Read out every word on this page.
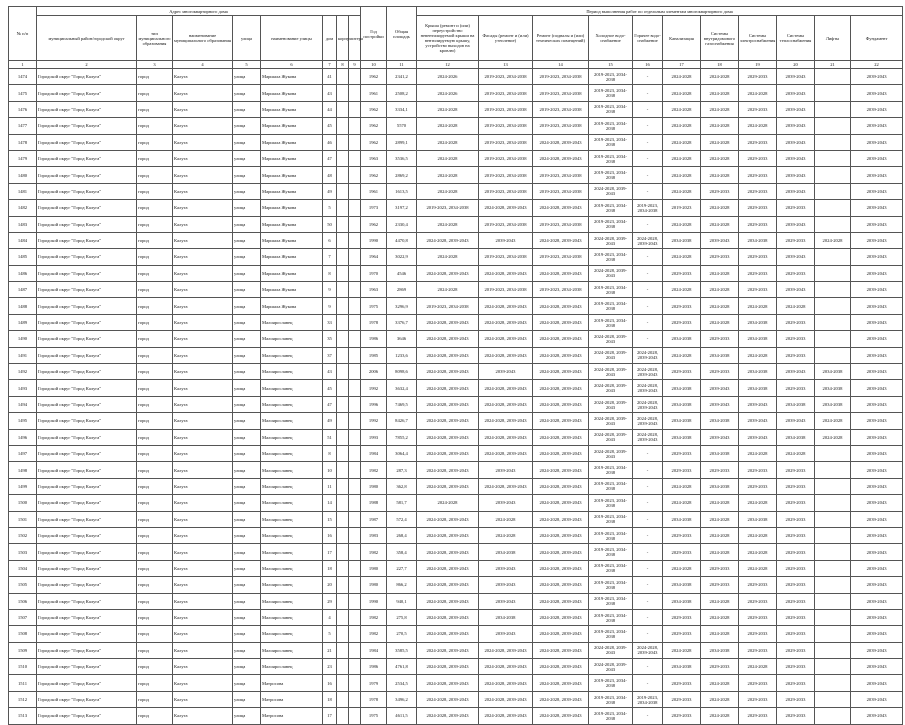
№ п/п	Адрес многоквартирного дома								Год постройки	Общая площадь	Период выполнения работ по отдельным элементам многоквартирного дома										
	муниципальный район/городской округ	тип муниципального образования	наименование муниципального образования	улица	наименование улицы	дом	корпус	литера			Крыша (ремонт и (или) переустройство невентилируемой крыши на вентилируемую крышу, устройство выходов на кровлю)	Фасады (ремонт и (или) утепление)	Ремонт (подвалы и (или) технических помещений)	Холодное водо-снабжение	Горячее водо-снабжение	Канализация	Системы внутридомового газоснабжения	Системы электроснабжения	Системы теплоснабжения	Лифты	Фундамент
1	2	3	4	5	6	7	8	9	10	11	12	13	14	15	16	17	18	19	20	21	22
1474	Городской округ "Город Калуга"	город	Калуга	улица	Маршала Жукова	41			1962	2341,2	2024-2026	2019-2023, 2034-2038	2019-2023, 2034-2038	2019-2023, 2034-2038	-	2024-2028	2024-2028	2029-2033	2039-2043		2039-2043
1475	Городской округ "Город Калуга"	город	Калуга	улица	Маршала Жукова	43			1961	2508,2	2024-2026	2019-2023, 2034-2038	2019-2023, 2034-2038	2019-2023, 2034-2038	-	2024-2028	2024-2028	2024-2028	2039-2043		2039-2043
1476	Городской округ "Город Калуга"	город	Калуга	улица	Маршала Жукова	44			1962	3334,1	2024-2028	2019-2023, 2034-2038	2019-2023, 2034-2038	2019-2023, 2034-2038	-	2024-2028	2024-2028	2029-2033	2039-2043		2039-2043
1477	Городской округ "Город Калуга"	город	Калуга	улица	Маршала Жукова	45			1962	5570	2024-2028	2019-2023, 2034-2038	2019-2023, 2034-2038	2019-2023, 2034-2038	-	2024-2028	2024-2028	2024-2028	2039-2043		2039-2043
1478	Городской округ "Город Калуга"	город	Калуга	улица	Маршала Жукова	46			1962	2899,1	2024-2028	2019-2023, 2034-2038	2024-2028, 2039-2043	2019-2023, 2034-2038	-	2024-2028	2024-2028	2029-2033	2039-2043		2039-2043
1479	Городской округ "Город Калуга"	город	Калуга	улица	Маршала Жукова	47			1963	3536,5	2024-2028	2019-2023, 2034-2038	2024-2028, 2039-2043	2019-2023, 2034-2038	-	2024-2028	2024-2028	2029-2033	2039-2043		2039-2043
1480	Городской округ "Город Калуга"	город	Калуга	улица	Маршала Жукова	48			1962	2869,2	2024-2028	2019-2023, 2034-2038	2019-2023, 2034-2038	2019-2023, 2034-2038	-	2024-2028	2024-2028	2029-2033	2039-2043		2039-2043
1481	Городской округ "Город Калуга"	город	Калуга	улица	Маршала Жукова	49			1961	1613,5	2024-2028	2019-2023, 2034-2038	2019-2023, 2034-2038	2024-2028, 2039-2043	-	2024-2028	2029-2033	2029-2033	2039-2043		2039-2043
1482	Городской округ "Город Калуга"	город	Калуга	улица	Маршала Жукова	5			1973	3197,2	2019-2023, 2034-2038	2024-2028, 2039-2043	2024-2028, 2039-2043	2019-2023, 2034-2038	2019-2023, 2034-2038	2019-2023	2024-2028	2029-2033	2029-2033		2039-2043
1483	Городской округ "Город Калуга"	город	Калуга	улица	Маршала Жукова	50			1962	2330,4	2024-2028	2019-2023, 2034-2038	2019-2023, 2034-2038	2019-2023, 2034-2038	-	2024-2028	2024-2028	2029-2033	2039-2043		2039-2043
1484	Городской округ "Город Калуга"	город	Калуга	улица	Маршала Жукова	6			1990	4470,8	2024-2028, 2039-2043	2039-2043	2024-2028, 2039-2043	2024-2028, 2039-2043	2024-2028, 2039-2043	2034-2038	2039-2043	2034-2038	2029-2033	2024-2028	2039-2043
1485	Городской округ "Город Калуга"	город	Калуга	улица	Маршала Жукова	7			1964	3022,9	2024-2028	2019-2023, 2034-2038	2019-2023, 2034-2038	2019-2023, 2034-2038	-	2024-2028	2029-2033	2029-2033	2039-2043		2039-2043
1486	Городской округ "Город Калуга"	город	Калуга	улица	Маршала Жукова	8			1970	4546	2024-2028, 2039-2043	2024-2028, 2039-2043	2024-2028, 2039-2043	2024-2028, 2039-2043	-	2029-2033	2024-2028	2029-2033	2029-2033		2039-2043
1487	Городской округ "Город Калуга"	город	Калуга	улица	Маршала Жукова	9			1963	2869	2024-2028	2019-2023, 2034-2038	2019-2023, 2034-2038	2019-2023, 2034-2038	-	2024-2028	2024-2028	2029-2033	2039-2043		2039-2043
1488	Городской округ "Город Калуга"	город	Калуга	улица	Маршала Жукова	9			1975	3296,9	2019-2023, 2034-2038	2024-2028, 2039-2043	2024-2028, 2039-2043	2019-2023, 2034-2038	-	2029-2033	2024-2028	2024-2028	2024-2028		2039-2043
1489	Городской округ "Город Калуга"	город	Калуга	улица	Малоярославец	33			1978	3376,7	2024-2028, 2039-2043	2024-2028, 2039-2043	2024-2028, 2039-2043	2019-2023, 2034-2038	-	2029-2033	2024-2028	2034-2038	2029-2033		2039-2043
1490	Городской округ "Город Калуга"	город	Калуга	улица	Малоярославец	35			1986	3646	2024-2028, 2039-2043	2024-2028, 2039-2043	2024-2028, 2039-2043	2024-2028, 2039-2043	-	2034-2038	2029-2033	2034-2038	2029-2033		2039-2043
1491	Городской округ "Город Калуга"	город	Калуга	улица	Малоярославец	37			1985	1233,6	2024-2028, 2039-2043	2024-2028, 2039-2043	2024-2028, 2039-2043	2024-2028, 2039-2043	2024-2028, 2039-2043	2024-2028	2034-2038	2024-2028	2029-2033		2039-2043
1492	Городской округ "Город Калуга"	город	Калуга	улица	Малоярославец	43			2006	8098,6	2024-2028, 2039-2043	2039-2043	2024-2028, 2039-2043	2024-2028, 2039-2043	2024-2028, 2039-2043	2029-2033	2029-2033	2034-2038	2039-2043	2034-2038	2039-2043
1493	Городской округ "Город Калуга"	город	Калуга	улица	Малоярославец	45			1992	3632,4	2024-2028, 2039-2043	2024-2028, 2039-2043	2024-2028, 2039-2043	2024-2028, 2039-2043	2024-2028, 2039-2043	2034-2038	2039-2043	2034-2038	2029-2033	2034-2038	2039-2043
1494	Городской округ "Город Калуга"	город	Калуга	улица	Малоярославец	47			1996	7469,5	2024-2028, 2039-2043	2024-2028, 2039-2043	2024-2028, 2039-2043	2024-2028, 2039-2043	2024-2028, 2039-2043	2034-2038	2039-2043	2039-2043	2034-2038	2034-2038	2039-2043
1495	Городской округ "Город Калуга"	город	Калуга	улица	Малоярославец	49			1992	8426,7	2024-2028, 2039-2043	2024-2028, 2039-2043	2024-2028, 2039-2043	2024-2028, 2039-2043	2024-2028, 2039-2043	2034-2038	2034-2038	2039-2043	2039-2043	2024-2028	2039-2043
1496	Городской округ "Город Калуга"	город	Калуга	улица	Малоярославец	51			1993	7855,2	2024-2028, 2039-2043	2024-2028, 2039-2043	2024-2028, 2039-2043	2024-2028, 2039-2043	2024-2028, 2039-2043	2034-2038	2039-2043	2039-2043	2034-2038	2024-2028	2039-2043
1497	Городской округ "Город Калуга"	город	Калуга	улица	Малоярославец	8			1984	3064,4	2024-2028, 2039-2043	2024-2028, 2039-2043	2024-2028, 2039-2043	2024-2028, 2039-2043	-	2029-2033	2034-2038	2024-2028	2024-2028		2039-2043
1498	Городской округ "Город Калуга"	город	Калуга	улица	Малоярославец	10			1982	287,3	2024-2028, 2039-2043	2039-2043	2024-2028, 2039-2043	2019-2023, 2034-2038	-	2029-2033	2029-2033	2029-2033	2029-2033		2039-2043
1499	Городской округ "Город Калуга"	город	Калуга	улица	Малоярославец	11			1980	362,8	2024-2028, 2039-2043	2024-2028, 2039-2043	2024-2028, 2039-2043	2019-2023, 2034-2038	-	2024-2028	2034-2038	2029-2033	2029-2033		2039-2043
1500	Городской округ "Город Калуга"	город	Калуга	улица	Малоярославец	14			1988	581,7	2024-2028	2039-2043	2024-2028, 2039-2043	2019-2023, 2034-2038	-	2024-2028	2024-2028	2024-2028	2029-2033		2039-2043
1501	Городской округ "Город Калуга"	город	Калуга	улица	Малоярославец	15			1987	572,4	2024-2028, 2039-2043	2024-2028	2024-2028, 2039-2043	2019-2023, 2034-2038	-	2034-2038	2024-2028	2034-2038	2029-2033		2039-2043
1502	Городской округ "Город Калуга"	город	Калуга	улица	Малоярославец	16			1983	268,4	2024-2028, 2039-2043	2024-2028	2024-2028, 2039-2043	2019-2023, 2034-2038	-	2029-2033	2024-2028	2024-2028	2029-2033		2039-2043
1503	Городской округ "Город Калуга"	город	Калуга	улица	Малоярославец	17			1982	358,4	2024-2028, 2039-2043	2034-2038	2024-2028, 2039-2043	2019-2023, 2034-2038	-	2029-2033	2024-2028	2024-2028	2029-2033		2039-2043
1504	Городской округ "Город Калуга"	город	Калуга	улица	Малоярославец	18			1980	227,7	2024-2028, 2039-2043	2039-2043	2024-2028, 2039-2043	2019-2023, 2034-2038	-	2024-2028	2029-2033	2024-2028	2029-2033		2039-2043
1505	Городской округ "Город Калуга"	город	Калуга	улица	Малоярославец	20			1980	866,2	2024-2028, 2039-2043	2039-2043	2024-2028, 2039-2043	2019-2023, 2034-2038	-	2034-2038	2029-2033	2029-2033	2029-2033		2039-2043
1506	Городской округ "Город Калуга"	город	Калуга	улица	Малоярославец	29			1990	940,1	2024-2028, 2039-2043	2039-2043	2024-2028, 2039-2043	2019-2023, 2034-2038	-	2034-2038	2024-2028	2029-2033	2029-2033		2039-2043
1507	Городской округ "Город Калуга"	город	Калуга	улица	Малоярославец	4			1982	275,8	2024-2028, 2039-2043	2034-2038	2024-2028, 2039-2043	2019-2023, 2034-2038	-	2029-2033	2024-2028	2029-2033	2029-2033		2039-2043
1508	Городской округ "Город Калуга"	город	Калуга	улица	Малоярославец	5			1982	270,5	2024-2028, 2039-2043	2039-2043	2024-2028, 2039-2043	2019-2023, 2034-2038	-	2029-2033	2024-2028	2029-2033	2029-2033		2039-2043
1509	Городской округ "Город Калуга"	город	Калуга	улица	Малоярославец	21			1984	3585,5	2024-2028, 2039-2043	2024-2028, 2039-2043	2024-2028, 2039-2043	2024-2028, 2039-2043	2024-2028, 2039-2043	2024-2028	2034-2038	2029-2033	2029-2033		2039-2043
1510	Городской округ "Город Калуга"	город	Калуга	улица	Малоярославец	23			1986	4761,8	2024-2028, 2039-2043	2024-2028, 2039-2043	2024-2028, 2039-2043	2024-2028, 2039-2043	-	2034-2038	2029-2033	2024-2028	2029-2033		2039-2043
1511	Городской округ "Город Калуга"	город	Калуга	улица	Матросова	16			1979	2534,5	2024-2028, 2039-2043	2024-2028, 2039-2043	2024-2028, 2039-2043	2019-2023, 2034-2038	-	2029-2033	2024-2028	2029-2033	2029-2033		2039-2043
1512	Городской округ "Город Калуга"	город	Калуга	улица	Матросова	18			1978	3496,2	2024-2028, 2039-2043	2024-2028, 2039-2043	2024-2028, 2039-2043	2019-2023, 2034-2038	2019-2023, 2034-2038	2029-2033	2024-2028	2029-2033	2029-2033		2039-2043
1513	Городской округ "Город Калуга"	город	Калуга	улица	Матросова	17			1975	4611,5	2024-2028, 2039-2043	2024-2028, 2039-2043	2024-2028, 2039-2043	2019-2023, 2034-2038	-	2029-2033	2024-2028	2029-2033	2029-2033		2039-2043
